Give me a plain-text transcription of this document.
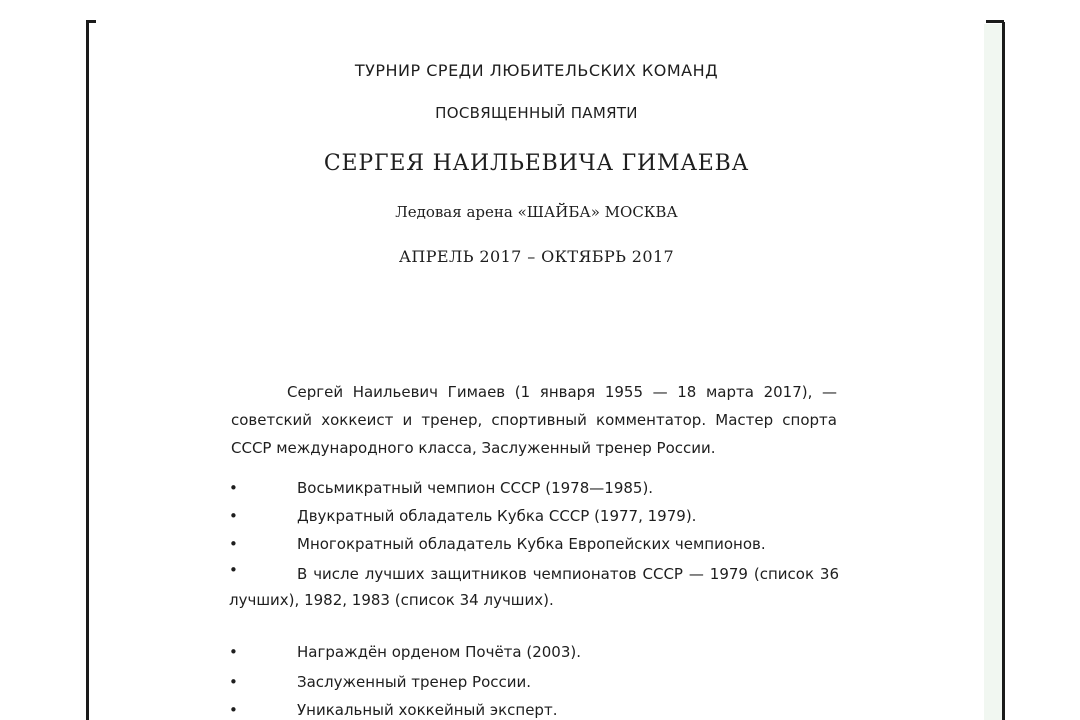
ТУРНИР СРЕДИ ЛЮБИТЕЛЬСКИХ КОМАНД
ПОСВЯЩЕННЫЙ ПАМЯТИ
СЕРГЕЯ НАИЛЬЕВИЧА ГИМАЕВА
Ледовая арена «ШАЙБА» МОСКВА
АПРЕЛЬ 2017 – ОКТЯБРЬ 2017
Сергей Наильевич Гимаев (1 января 1955 — 18 марта 2017), — советский хоккеист и тренер, спортивный комментатор. Мастер спорта СССР международного класса, Заслуженный тренер России.
•	Восьмикратный чемпион СССР (1978—1985).
•	Двукратный обладатель Кубка СССР (1977, 1979).
•	Многократный обладатель Кубка Европейских чемпионов.
•	В числе лучших защитников чемпионатов СССР — 1979 (список 36 лучших), 1982, 1983 (список 34 лучших).
•	Награждён орденом Почёта (2003).
•	Заслуженный тренер России.
•	Уникальный хоккейный эксперт.
